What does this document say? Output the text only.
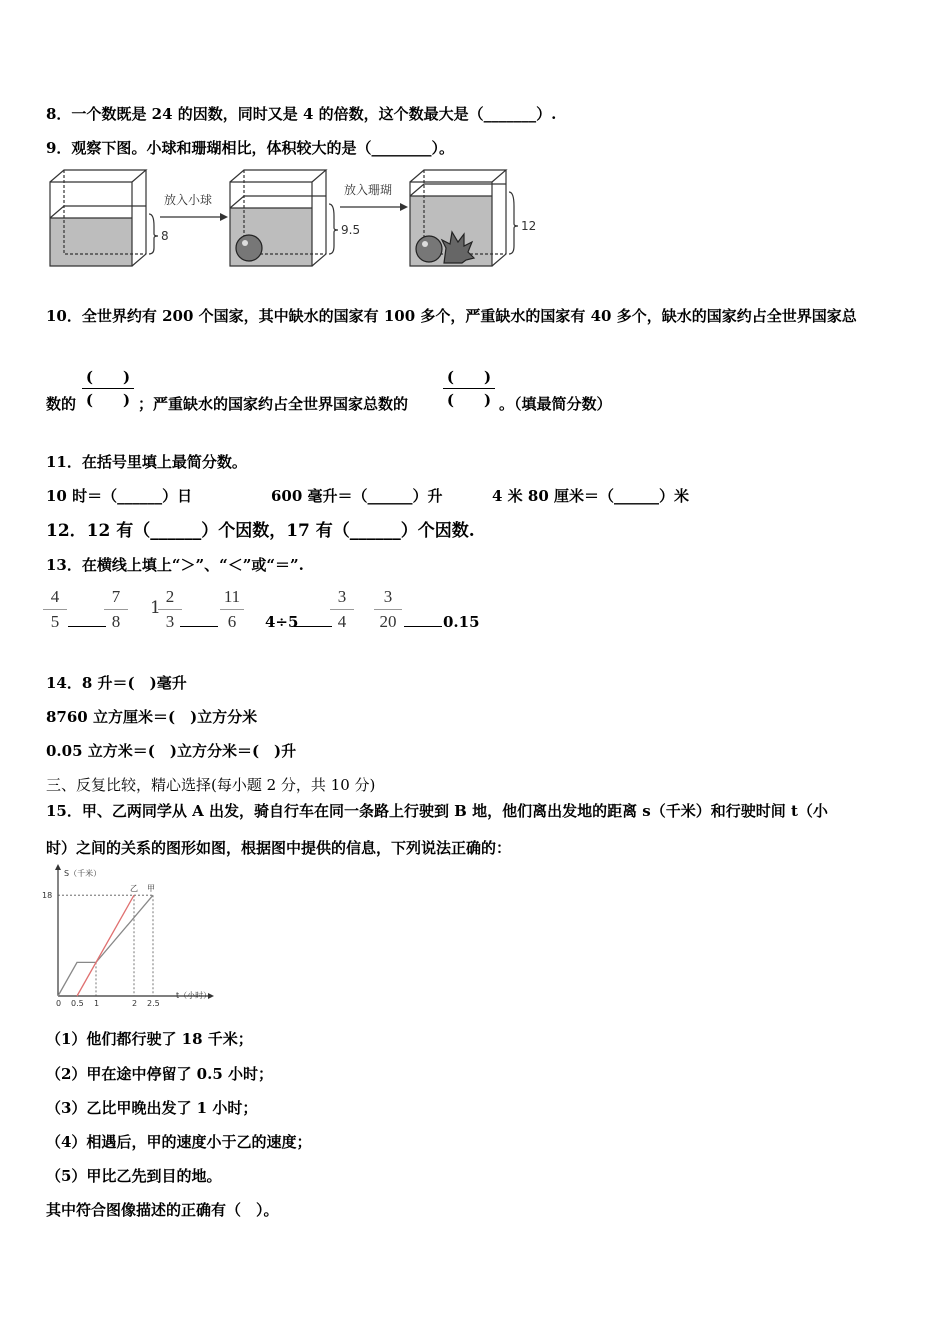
8．一个数既是 24 的因数，同时又是 4 的倍数，这个数最大是（_______）.
9．观察下图。小球和珊瑚相比，体积较大的是（________）。
8
放入小球
9.5
放入珊瑚
12
10．全世界约有 200 个国家，其中缺水的国家有 100 多个，严重缺水的国家有 40 多个，缺水的国家约占全世界国家总
数的
(　　)
(　　) ；严重缺水的国家约占全世界国家总数的
(　　)
(　　) 。（填最简分数）
11．在括号里填上最简分数。
10 时＝（______）日	600 毫升＝（______）升	4 米 80 厘米＝（______）米
12．12 有（______）个因数，17 有（______）个因数.
13．在横线上填上“＞”、“＜”或“＝”.
$\frac{4}{5} \frac{7}{8} 1$
$\frac{2}{3} \frac{11}{6} 4\div 5 \frac{3}{4} \frac{3}{20}$	0.15
14．8 升＝(　)毫升
8760 立方厘米＝(　)立方分米
0.05 立方米＝(　)立方分米＝(　)升
三、反复比较，精心选择(每小题 2 分，共 10 分)
15．甲、乙两同学从 A 出发，骑自行车在同一条路上行驶到 B 地，他们离出发地的距离 s（千米）和行驶时间 t（小
时）之间的关系的图形如图，根据图中提供的信息，下列说法正确的：
S（千米）
t（小时）
0 0.5 1	2 2.5
18
乙 甲
（1）他们都行驶了 18 千米；
（2）甲在途中停留了 0.5 小时；
（3）乙比甲晚出发了 1 小时；
（4）相遇后，甲的速度小于乙的速度；
（5）甲比乙先到目的地。
其中符合图像描述的正确有（　）。
